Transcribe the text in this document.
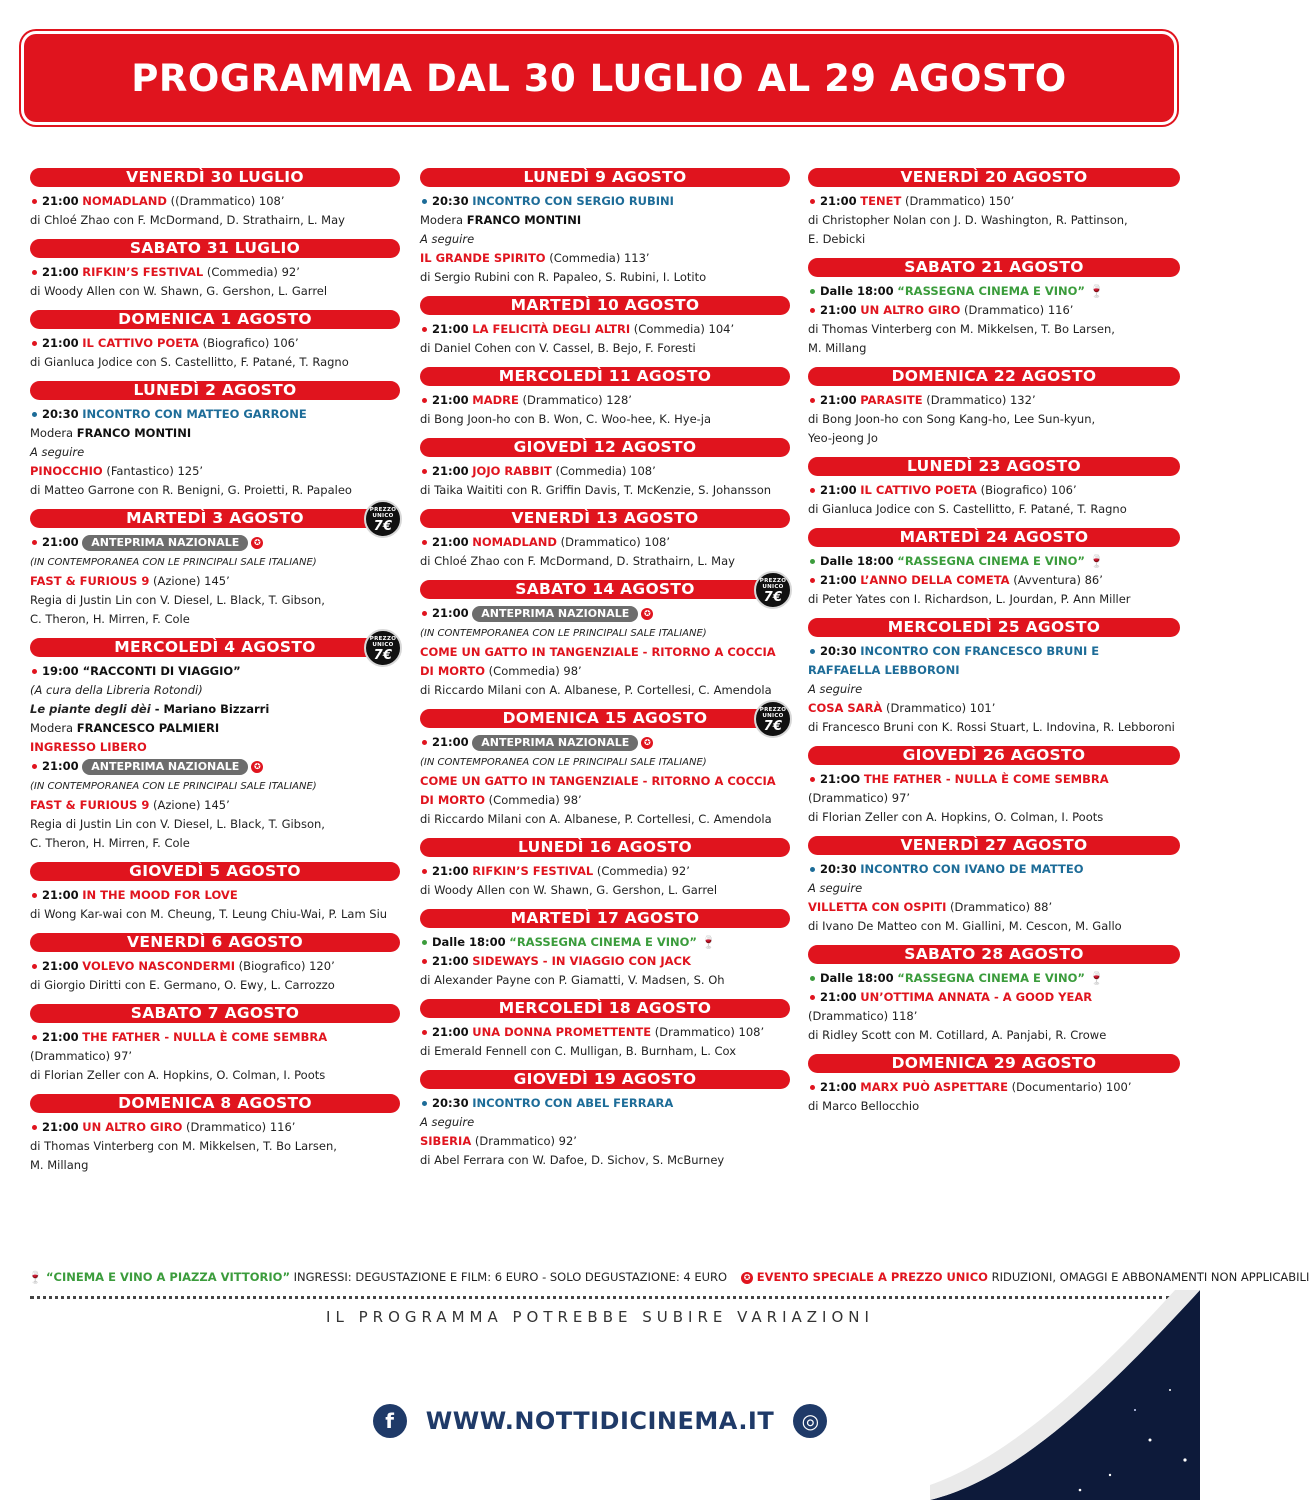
PROGRAMMA DAL 30 LUGLIO AL 29 AGOSTO
VENERDÌ 30 LUGLIO
21:00 NOMADLAND ((Drammatico) 108’
di Chloé Zhao con F. McDormand, D. Strathairn, L. May
SABATO 31 LUGLIO
21:00 RIFKIN’S FESTIVAL (Commedia) 92’
di Woody Allen con W. Shawn, G. Gershon, L. Garrel
DOMENICA 1 AGOSTO
21:00 IL CATTIVO POETA (Biografico) 106’
di Gianluca Jodice con S. Castellitto, F. Patané, T. Ragno
LUNEDÌ 2 AGOSTO
20:30 INCONTRO CON MATTEO GARRONE
Modera FRANCO MONTINI
A seguire
PINOCCHIO (Fantastico) 125’
di Matteo Garrone con R. Benigni, G. Proietti, R. Papaleo
MARTEDÌ 3 AGOSTO	PREZZO UNICO
7€
21:00 ANTEPRIMA NAZIONALE ✪
(IN CONTEMPORANEA CON LE PRINCIPALI SALE ITALIANE)
FAST & FURIOUS 9 (Azione) 145’
Regia di Justin Lin con V. Diesel, L. Black, T. Gibson,
C. Theron, H. Mirren, F. Cole
MERCOLEDÌ 4 AGOSTO	PREZZO UNICO
7€
19:00 “RACCONTI DI VIAGGIO”
(A cura della Libreria Rotondi)
Le piante degli dèi - Mariano Bizzarri
Modera FRANCESCO PALMIERI
INGRESSO LIBERO
21:00 ANTEPRIMA NAZIONALE ✪
(IN CONTEMPORANEA CON LE PRINCIPALI SALE ITALIANE)
FAST & FURIOUS 9 (Azione) 145’
Regia di Justin Lin con V. Diesel, L. Black, T. Gibson,
C. Theron, H. Mirren, F. Cole
GIOVEDÌ 5 AGOSTO
21:00 IN THE MOOD FOR LOVE
di Wong Kar-wai con M. Cheung, T. Leung Chiu-Wai, P. Lam Siu
VENERDÌ 6 AGOSTO
21:00 VOLEVO NASCONDERMI (Biografico) 120’
di Giorgio Diritti con E. Germano, O. Ewy, L. Carrozzo
SABATO 7 AGOSTO
21:00 THE FATHER - NULLA È COME SEMBRA
(Drammatico) 97’
di Florian Zeller con A. Hopkins, O. Colman, I. Poots
DOMENICA 8 AGOSTO
21:00 UN ALTRO GIRO (Drammatico) 116’
di Thomas Vinterberg con M. Mikkelsen, T. Bo Larsen,
M. Millang
LUNEDÌ 9 AGOSTO
20:30 INCONTRO CON SERGIO RUBINI
Modera FRANCO MONTINI
A seguire
IL GRANDE SPIRITO (Commedia) 113’
di Sergio Rubini con R. Papaleo, S. Rubini, I. Lotito
MARTEDÌ 10 AGOSTO
21:00 LA FELICITÀ DEGLI ALTRI (Commedia) 104’
di Daniel Cohen con V. Cassel, B. Bejo, F. Foresti
MERCOLEDÌ 11 AGOSTO
21:00 MADRE (Drammatico) 128’
di Bong Joon-ho con B. Won, C. Woo-hee, K. Hye-ja
GIOVEDÌ 12 AGOSTO
21:00 JOJO RABBIT (Commedia) 108’
di Taika Waititi con R. Griffin Davis, T. McKenzie, S. Johansson
VENERDÌ 13 AGOSTO
21:00 NOMADLAND (Drammatico) 108’
di Chloé Zhao con F. McDormand, D. Strathairn, L. May
SABATO 14 AGOSTO	PREZZO UNICO
7€
21:00 ANTEPRIMA NAZIONALE ✪
(IN CONTEMPORANEA CON LE PRINCIPALI SALE ITALIANE)
COME UN GATTO IN TANGENZIALE - RITORNO A COCCIA
DI MORTO (Commedia) 98’
di Riccardo Milani con A. Albanese, P. Cortellesi, C. Amendola
DOMENICA 15 AGOSTO	PREZZO UNICO
7€
21:00 ANTEPRIMA NAZIONALE ✪
(IN CONTEMPORANEA CON LE PRINCIPALI SALE ITALIANE)
COME UN GATTO IN TANGENZIALE - RITORNO A COCCIA
DI MORTO (Commedia) 98’
di Riccardo Milani con A. Albanese, P. Cortellesi, C. Amendola
LUNEDÌ 16 AGOSTO
21:00 RIFKIN’S FESTIVAL (Commedia) 92’
di Woody Allen con W. Shawn, G. Gershon, L. Garrel
MARTEDÌ 17 AGOSTO
Dalle 18:00 “RASSEGNA CINEMA E VINO” 🍷
21:00 SIDEWAYS - IN VIAGGIO CON JACK
di Alexander Payne con P. Giamatti, V. Madsen, S. Oh
MERCOLEDÌ 18 AGOSTO
21:00 UNA DONNA PROMETTENTE (Drammatico) 108’
di Emerald Fennell con C. Mulligan, B. Burnham, L. Cox
GIOVEDÌ 19 AGOSTO
20:30 INCONTRO CON ABEL FERRARA
A seguire
SIBERIA (Drammatico) 92’
di Abel Ferrara con W. Dafoe, D. Sichov, S. McBurney
VENERDÌ 20 AGOSTO
21:00 TENET (Drammatico) 150’
di Christopher Nolan con J. D. Washington, R. Pattinson,
E. Debicki
SABATO 21 AGOSTO
Dalle 18:00 “RASSEGNA CINEMA E VINO” 🍷
21:00 UN ALTRO GIRO (Drammatico) 116’
di Thomas Vinterberg con M. Mikkelsen, T. Bo Larsen,
M. Millang
DOMENICA 22 AGOSTO
21:00 PARASITE (Drammatico) 132’
di Bong Joon-ho con Song Kang-ho, Lee Sun-kyun,
Yeo-jeong Jo
LUNEDÌ 23 AGOSTO
21:00 IL CATTIVO POETA (Biografico) 106’
di Gianluca Jodice con S. Castellitto, F. Patané, T. Ragno
MARTEDÌ 24 AGOSTO
Dalle 18:00 “RASSEGNA CINEMA E VINO” 🍷
21:00 L’ANNO DELLA COMETA (Avventura) 86’
di Peter Yates con I. Richardson, L. Jourdan, P. Ann Miller
MERCOLEDÌ 25 AGOSTO
20:30 INCONTRO CON FRANCESCO BRUNI E
RAFFAELLA LEBBORONI
A seguire
COSA SARÀ (Drammatico) 101’
di Francesco Bruni con K. Rossi Stuart, L. Indovina, R. Lebboroni
GIOVEDÌ 26 AGOSTO
21:OO THE FATHER - NULLA È COME SEMBRA
(Drammatico) 97’
di Florian Zeller con A. Hopkins, O. Colman, I. Poots
VENERDÌ 27 AGOSTO
20:30 INCONTRO CON IVANO DE MATTEO
A seguire
VILLETTA CON OSPITI (Drammatico) 88’
di Ivano De Matteo con M. Giallini, M. Cescon, M. Gallo
SABATO 28 AGOSTO
Dalle 18:00 “RASSEGNA CINEMA E VINO” 🍷
21:00 UN’OTTIMA ANNATA - A GOOD YEAR
(Drammatico) 118’
di Ridley Scott con M. Cotillard, A. Panjabi, R. Crowe
DOMENICA 29 AGOSTO
21:00 MARX PUÒ ASPETTARE (Documentario) 100’
di Marco Bellocchio
🍷 “CINEMA E VINO A PIAZZA VITTORIO” INGRESSI: DEGUSTAZIONE E FILM: 6 EURO - SOLO DEGUSTAZIONE: 4 EURO ✪ EVENTO SPECIALE A PREZZO UNICO RIDUZIONI, OMAGGI E ABBONAMENTI NON APPLICABILI
IL PROGRAMMA POTREBBE SUBIRE VARIAZIONI
f WWW.NOTTIDICINEMA.IT ◎
